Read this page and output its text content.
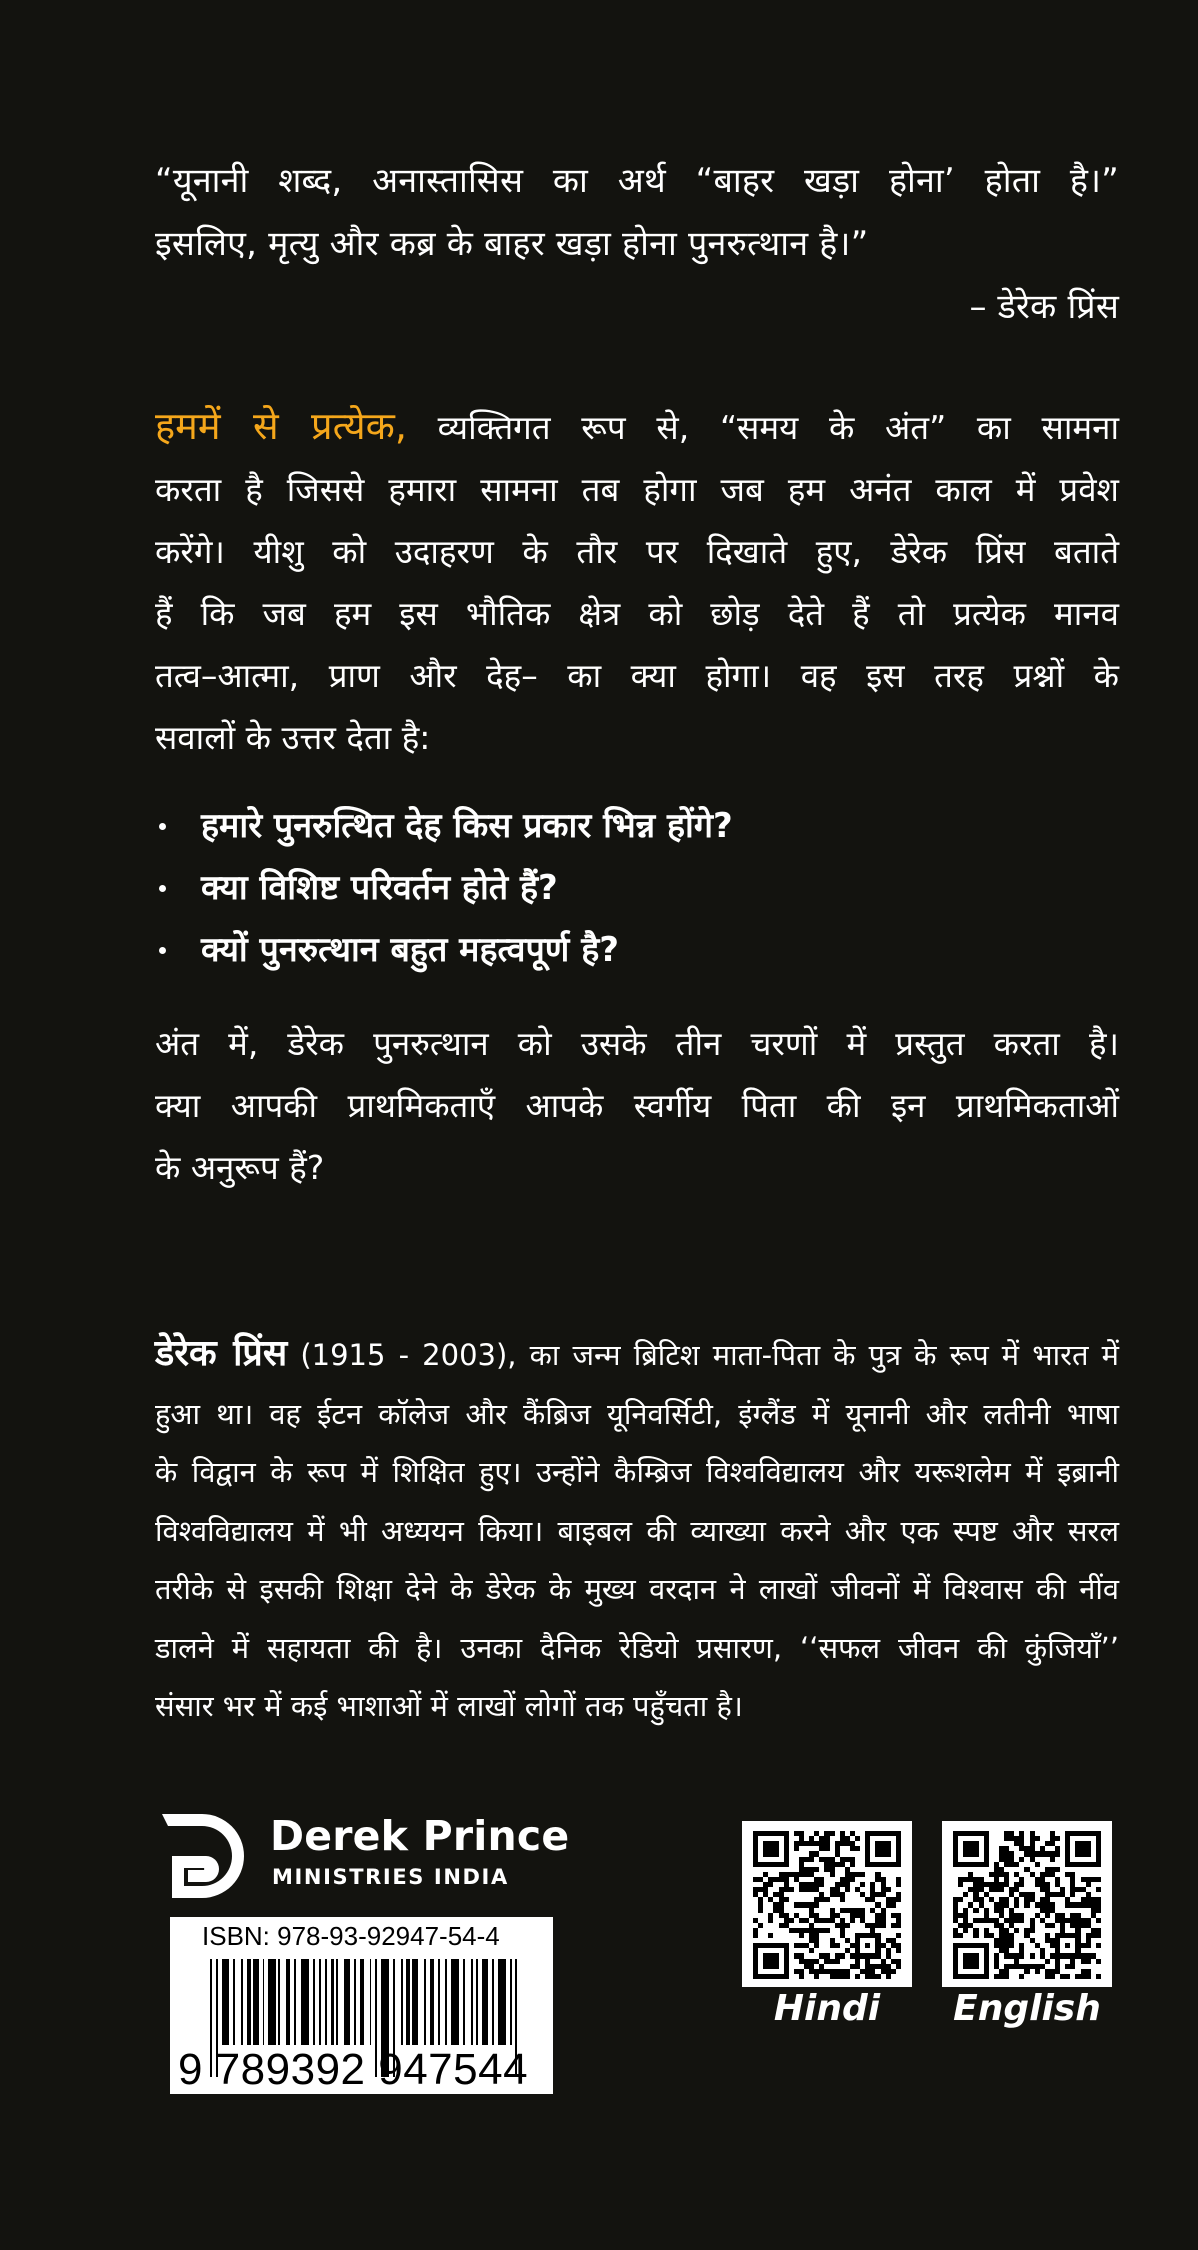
“यूनानी शब्द, अनास्तासिस का अर्थ “बाहर खड़ा होना’ होता है।”
इसलिए, मृत्यु और कब्र के बाहर खड़ा होना पुनरुत्थान है।”
– डेरेक प्रिंस
हममें से प्रत्येक, व्यक्तिगत रूप से, “समय के अंत” का सामना
करता है जिससे हमारा सामना तब होगा जब हम अनंत काल में प्रवेश
करेंगे। यीशु को उदाहरण के तौर पर दिखाते हुए, डेरेक प्रिंस बताते
हैं कि जब हम इस भौतिक क्षेत्र को छोड़ देते हैं तो प्रत्येक मानव
तत्व–आत्मा, प्राण और देह– का क्या होगा। वह इस तरह प्रश्नों के
सवालों के उत्तर देता है:
हमारे पुनरुत्थित देह किस प्रकार भिन्न होंगे?
क्या विशिष्ट परिवर्तन होते हैं?
क्यों पुनरुत्थान बहुत महत्वपूर्ण है?
अंत में, डेरेक पुनरुत्थान को उसके तीन चरणों में प्रस्तुत करता है।
क्या आपकी प्राथमिकताएँ आपके स्वर्गीय पिता की इन प्राथमिकताओं
के अनुरूप हैं?
डेरेक प्रिंस (1915 - 2003), का जन्म ब्रिटिश माता-पिता के पुत्र के रूप में भारत में
हुआ था। वह ईटन कॉलेज और कैंब्रिज यूनिवर्सिटी, इंग्लैंड में यूनानी और लतीनी भाषा
के विद्वान के रूप में शिक्षित हुए। उन्होंने कैम्ब्रिज विश्वविद्यालय और यरूशलेम में इब्रानी
विश्वविद्यालय में भी अध्ययन किया। बाइबल की व्याख्या करने और एक स्पष्ट और सरल
तरीके से इसकी शिक्षा देने के डेरेक के मुख्य वरदान ने लाखों जीवनों में विश्वास की नींव
डालने में सहायता की है। उनका दैनिक रेडियो प्रसारण, ‘‘सफल जीवन की कुंजियाँ’’
संसार भर में कई भाशाओं में लाखों लोगों तक पहुँचता है।
Derek Prince
MINISTRIES INDIA
ISBN: 978-93-92947-54-4
9 789392 947544
Hindi	English
